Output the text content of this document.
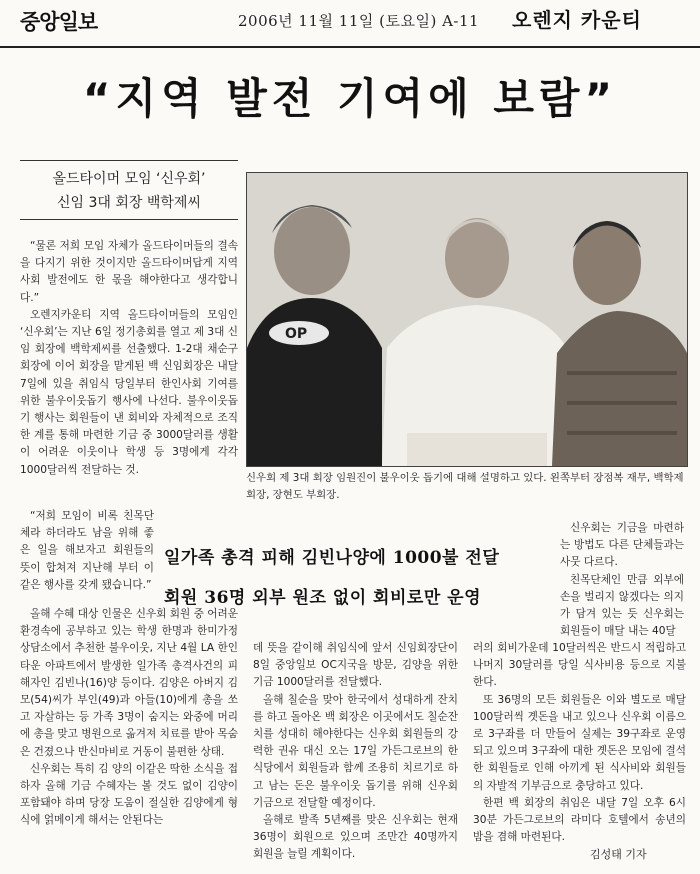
중앙일보	2006년 11월 11일 (토요일) A-11 오렌지 카운티
“지역 발전 기여에 보람”
올드타이머 모임 ‘신우회’
신임 3대 회장 백학제씨

“물론 저희 모임 자체가 올드타이머들의 결속을 다지기 위한 것이지만 올드타이머답게 지역 사회 발전에도 한 몫을 해야한다고 생각합니다.”

오렌지카운티 지역 올드타이머들의 모임인 ‘신우회’는 지난 6일 정기총회를 열고 제 3대 신임 회장에 백학제씨를 선출했다. 1-2대 채순구 회장에 이어 회장을 맡게된 백 신임회장은 내달 7일에 있을 취임식 당일부터 한인사회 기여를 위한 불우이웃돕기 행사에 나선다. 불우이웃돕기 행사는 회원들이 낸 회비와 자체적으로 조직한 계를 통해 마련한 기금 중 3000달러를 생활이 어려운 이웃이나 학생 등 3명에게 각각 1000달러씩 전달하는 것.

“저희 모임이 비록 친목단체라 하더라도 남을 위해 좋은 일을 해보자고 회원들의 뜻이 합쳐져 지난해 부터 이같은 행사를 갖게 됐습니다.”

올해 수혜 대상 인물은 신우회 회원 중 어려운 환경속에 공부하고 있는 학생 한명과 한미가정상담소에서 추천한 불우이웃, 지난 4월 LA 한인타운 아파트에서 발생한 일가족 총격사건의 피해자인 김빈나(16)양 등이다. 김양은 아버지 김모(54)씨가 부인(49)과 아들(10)에게 총을 쏘고 자살하는 등 가족 3명이 숨지는 와중에 머리에 총을 맞고 병원으로 옮겨져 치료를 받아 목숨은 건졌으나 반신마비로 거동이 불편한 상태.

신우회는 특히 김 양의 이같은 딱한 소식을 접하자 올해 기금 수혜자는 볼 것도 없이 김양이 포함돼야 하며 당장 도움이 절실한 김양에게 형식에 얽메이게 해서는 안된다는

OP
신우회 제 3대 회장 임원진이 불우이웃 돕기에 대해 설명하고 있다. 왼쪽부터 장점복 재무, 백학제 회장, 장현도 부회장.
일가족 총격 피해 김빈나양에 1000불 전달
회원 36명 외부 원조 없이 회비로만 운영

데 뜻을 같이해 취임식에 앞서 신임회장단이 8일 중앙일보 OC지국을 방문, 김양을 위한 기금 1000달러를 전달했다.

올해 칠순을 맞아 한국에서 성대하게 잔치를 하고 돌아온 백 회장은 이곳에서도 칠순잔치를 성대히 해야한다는 신우회 회원들의 강력한 권유 대신 오는 17일 가든그로브의 한 식당에서 회원들과 함께 조용히 치르기로 하고 남는 돈은 불우이웃 돕기를 위해 신우회 기금으로 전달할 예정이다.

올해로 발족 5년째를 맞은 신우회는 현재 36명이 회원으로 있으며 조만간 40명까지 회원을 늘릴 계획이다.

신우회는 기금을 마련하는 방법도 다른 단체들과는 사뭇 다르다.

친목단체인 만큼 외부에 손을 벌리지 않겠다는 의지가 담겨 있는 듯 신우회는 회원들이 매달 내는 40달

러의 회비가운데 10달러씩은 반드시 적립하고 나머지 30달러를 당일 식사비용 등으로 지불한다.

또 36명의 모든 회원들은 이와 별도로 매달 100달러씩 곗돈을 내고 있으나 신우회 이름으로 3구좌를 더 만들어 실제는 39구좌로 운영되고 있으며 3구좌에 대한 곗돈은 모임에 결석한 회원들로 인해 아끼게 된 식사비와 회원들의 자발적 기부금으로 충당하고 있다.

한편 백 회장의 취임은 내달 7일 오후 6시30분 가든그로브의 라미다 호텔에서 송년의 밤을 겸해 마련된다.

김성태 기자
